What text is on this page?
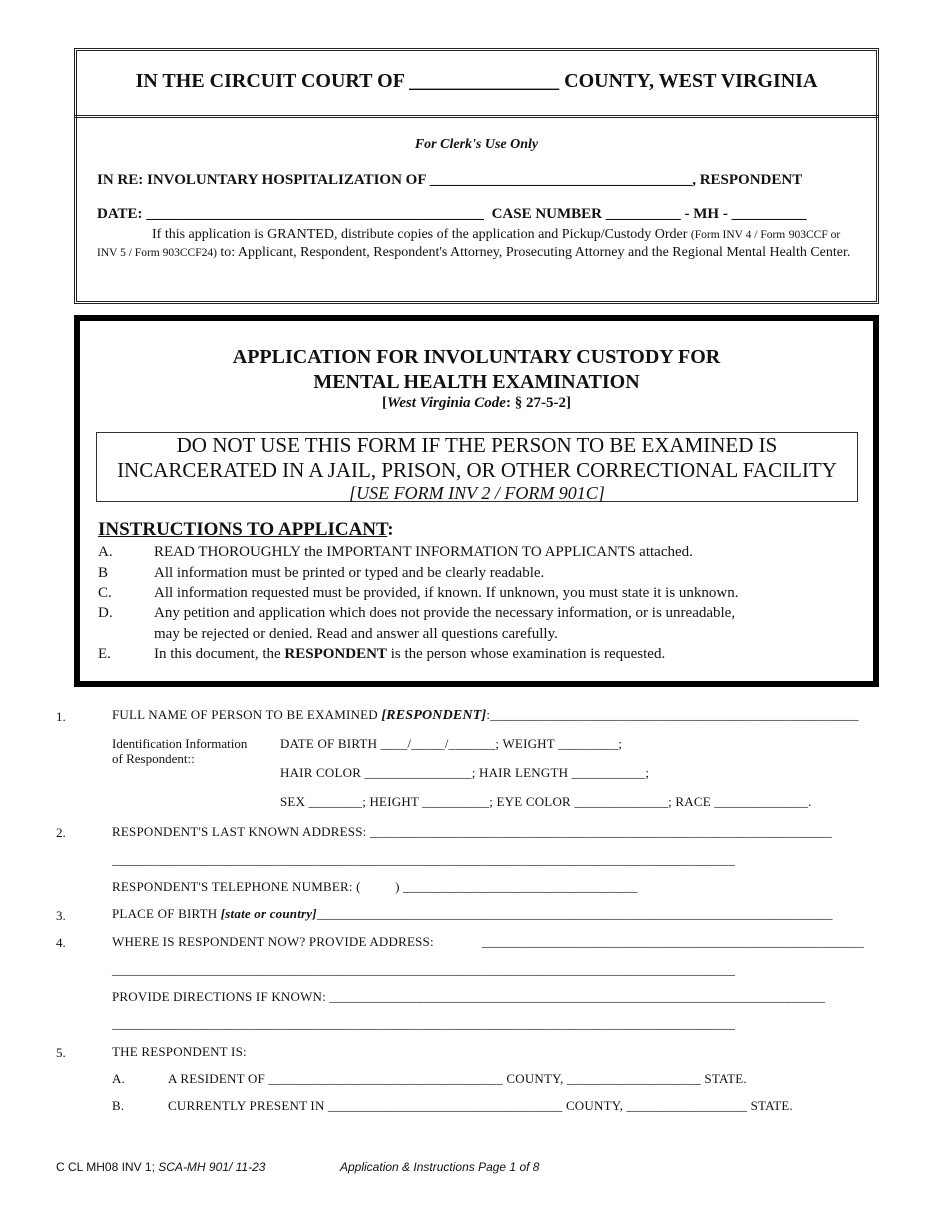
IN THE CIRCUIT COURT OF _______________ COUNTY, WEST VIRGINIA
For Clerk's Use Only
IN RE: INVOLUNTARY HOSPITALIZATION OF ___________________________________, RESPONDENT
DATE: _____________________________________________ CASE NUMBER __________ - MH - __________
If this application is GRANTED, distribute copies of the application and Pickup/Custody Order (Form INV 4 / Form 903CCF or INV 5 / Form 903CCF24) to: Applicant, Respondent, Respondent's Attorney, Prosecuting Attorney and the Regional Mental Health Center.
APPLICATION FOR INVOLUNTARY CUSTODY FOR
MENTAL HEALTH EXAMINATION
[West Virginia Code: § 27-5-2]
DO NOT USE THIS FORM IF THE PERSON TO BE EXAMINED IS
INCARCERATED IN A JAIL, PRISON, OR OTHER CORRECTIONAL FACILITY
[USE FORM INV 2 / FORM 901C]
INSTRUCTIONS TO APPLICANT:
A.	READ THOROUGHLY the IMPORTANT INFORMATION TO APPLICANTS attached.
B	All information must be printed or typed and be clearly readable.
C.	All information requested must be provided, if known. If unknown, you must state it is unknown.
D.	Any petition and application which does not provide the necessary information, or is unreadable,
may be rejected or denied. Read and answer all questions carefully.
E.	In this document, the RESPONDENT is the person whose examination is requested.
1.	FULL NAME OF PERSON TO BE EXAMINED [RESPONDENT]:_______________________________________________________
Identification Information
of Respondent::
DATE OF BIRTH ____/_____/_______; WEIGHT _________;
HAIR COLOR ________________; HAIR LENGTH ___________;
SEX ________; HEIGHT __________; EYE COLOR ______________; RACE ______________.
2.	RESPONDENT'S LAST KNOWN ADDRESS: _____________________________________________________________________
_____________________________________________________________________________________________
RESPONDENT'S TELEPHONE NUMBER: (          ) ___________________________________
3.	PLACE OF BIRTH [state or country]_____________________________________________________________________________
4.	WHERE IS RESPONDENT NOW? PROVIDE ADDRESS:	_________________________________________________________
_____________________________________________________________________________________________
PROVIDE DIRECTIONS IF KNOWN: __________________________________________________________________________
_____________________________________________________________________________________________
5.	THE RESPONDENT IS:
A.	A RESIDENT OF ___________________________________ COUNTY, ____________________ STATE.
B.	CURRENTLY PRESENT IN ___________________________________ COUNTY, __________________ STATE.
C CL MH08 INV 1; SCA-MH 901/ 11-23	Application & Instructions Page 1 of 8
